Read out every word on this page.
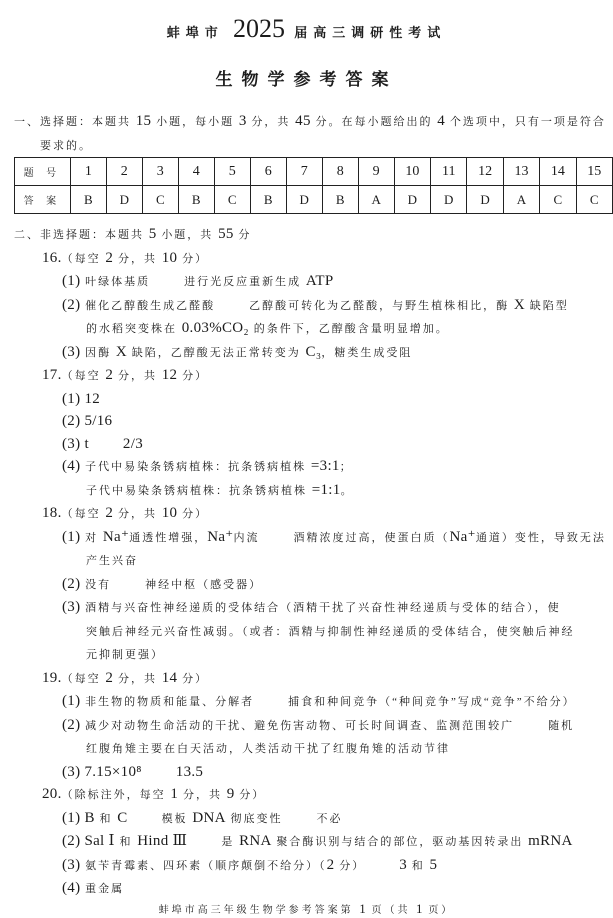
蚌埠市 2025 届高三调研性考试
生物学参考答案
一、选择题：本题共 15 小题，每小题 3 分，共 45 分。在每小题给出的 4 个选项中，只有一项是符合
要求的。
题 号	1	2	3	4	5	6	7	8	9	10	11	12	13	14	15
答 案	B	D	C	B	C	B	D	B	A	D	D	D	A	C	C
二、非选择题：本题共 5 小题，共 55 分
16.（每空 2 分，共 10 分）
(1) 叶绿体基质	进行光反应重新生成 ATP
(2) 催化乙醇酸生成乙醛酸	乙醇酸可转化为乙醛酸，与野生植株相比，酶 X 缺陷型
的水稻突变株在 0.03%CO₂ 的条件下，乙醇酸含量明显增加。
(3) 因酶 X 缺陷，乙醇酸无法正常转变为 C₃，糖类生成受阻
17.（每空 2 分，共 12 分）
(1) 12
(2) 5/16
(3) t 2/3
(4) 子代中易染条锈病植株：抗条锈病植株 =3:1；
子代中易染条锈病植株：抗条锈病植株 =1:1。
18.（每空 2 分，共 10 分）
(1) 对 Na⁺通透性增强，Na⁺内流	酒精浓度过高，使蛋白质（Na⁺通道）变性，导致无法
产生兴奋
(2) 没有	神经中枢（感受器）
(3) 酒精与兴奋性神经递质的受体结合（酒精干扰了兴奋性神经递质与受体的结合），使
突触后神经元兴奋性减弱。（或者：酒精与抑制性神经递质的受体结合，使突触后神经
元抑制更强）
19.（每空 2 分，共 14 分）
(1) 非生物的物质和能量、分解者	捕食和种间竞争（“种间竞争”写成“竞争”不给分）
(2) 减少对动物生命活动的干扰、避免伤害动物、可长时间调查、监测范围较广	随机
红腹角雉主要在白天活动，人类活动干扰了红腹角雉的活动节律
(3) 7.15×10⁸ 13.5
20.（除标注外，每空 1 分，共 9 分）
(1) B 和 C	模板 DNA 彻底变性	不必
(2) Sal Ⅰ 和 Hind Ⅲ	是 RNA 聚合酶识别与结合的部位，驱动基因转录出 mRNA
(3) 氨苄青霉素、四环素（顺序颠倒不给分）（2 分） 3 和 5
(4) 重金属
蚌埠市高三年级生物学参考答案第 1 页（共 1 页）
